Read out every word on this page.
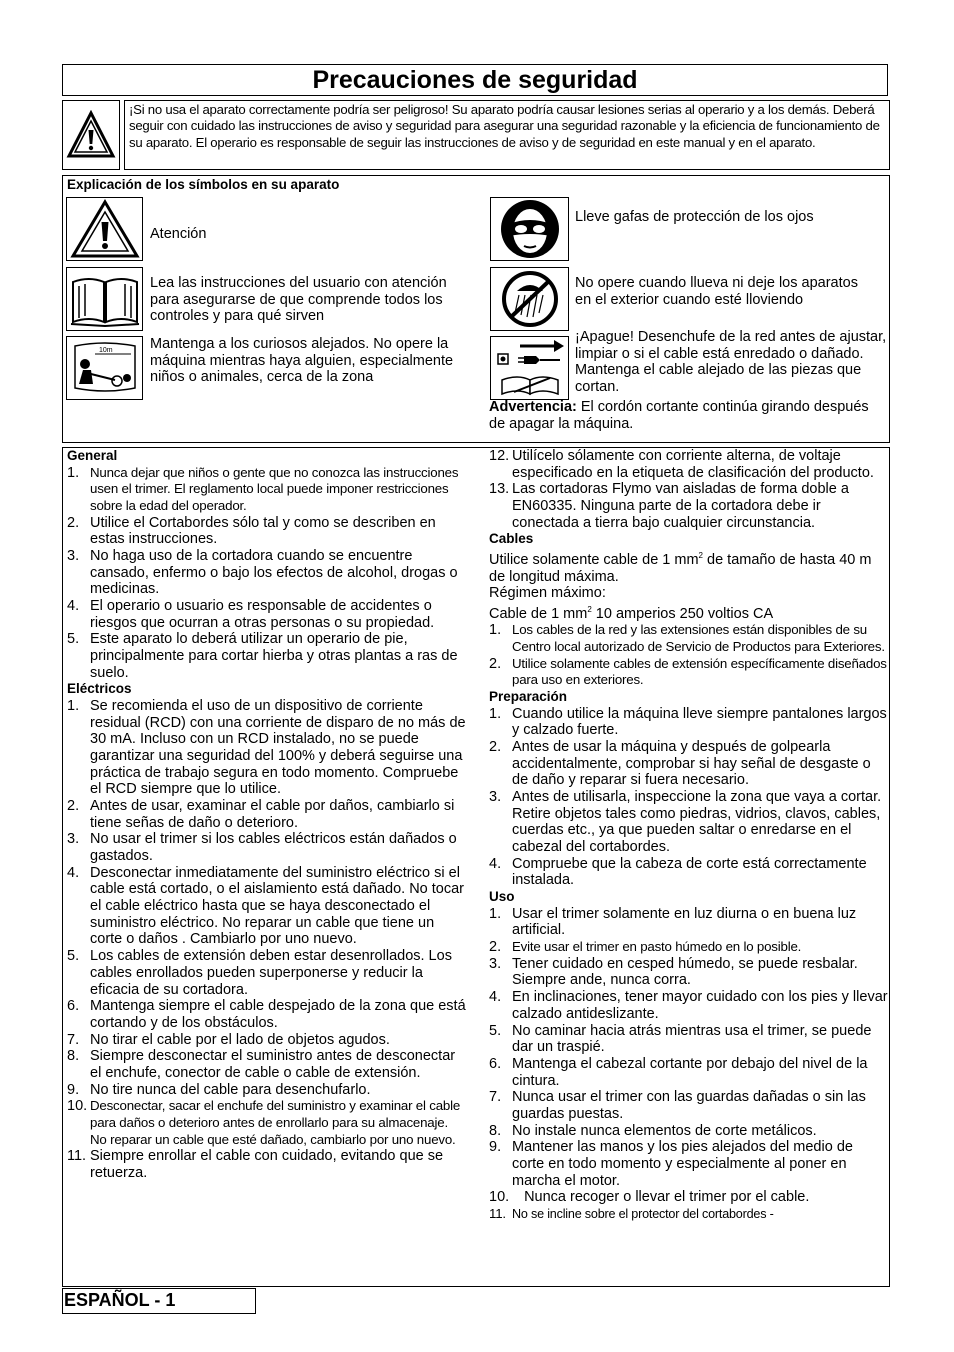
Precauciones de seguridad
¡Si no usa el aparato correctamente podría ser peligroso! Su aparato podría causar lesiones serias al operario y a los demás. Deberá seguir con cuidado las instrucciones de aviso y seguridad para asegurar una seguridad razonable y la eficiencia de funcionamiento de su aparato. El operario es responsable de seguir las instrucciones de aviso y de seguridad en este manual y en el aparato.
Explicación de los símbolos en su aparato
Atención
Lea las instrucciones del usuario con atención para asegurarse de que comprende todos los controles y para qué sirven
10m	Mantenga a los curiosos alejados. No opere la máquina mientras haya alguien, especialmente niños o animales, cerca de la zona
Lleve gafas de protección de los ojos
No opere cuando llueva ni deje los aparatos en el exterior cuando esté lloviendo
¡Apague! Desenchufe de la red antes de ajustar, limpiar o si el cable está enredado o dañado. Mantenga el cable alejado de las piezas que cortan.
Advertencia: El cordón cortante continúa girando después de apagar la máquina.
General
1. Nunca dejar que niños o gente que no conozca las instrucciones usen el trimer. El reglamento local puede imponer restricciones sobre la edad del operador.
2. Utilice el Cortabordes sólo tal y como se describen en estas instrucciones.
3. No haga uso de la cortadora cuando se encuentre cansado, enfermo o bajo los efectos de alcohol, drogas o medicinas.
4. El operario o usuario es responsable de accidentes o riesgos que ocurran a otras personas o su propiedad.
5. Este aparato lo deberá utilizar un operario de pie, principalmente para cortar hierba y otras plantas a ras de suelo.
Eléctricos
1. Se recomienda el uso de un dispositivo de corriente residual (RCD) con una corriente de disparo de no más de 30 mA. Incluso con un RCD instalado, no se puede garantizar una seguridad del 100% y deberá seguirse una práctica de trabajo segura en todo momento. Compruebe el RCD siempre que lo utilice.
2. Antes de usar, examinar el cable por daños, cambiarlo si tiene señas de daño o deterioro.
3. No usar el trimer si los cables eléctricos están dañados o gastados.
4. Desconectar inmediatamente del suministro eléctrico si el cable está cortado, o el aislamiento está dañado. No tocar el cable eléctrico hasta que se haya desconectado el suministro eléctrico. No reparar un cable que tiene un corte o daños . Cambiarlo por uno nuevo.
5. Los cables de extensión deben estar desenrollados. Los cables enrollados pueden superponerse y reducir la eficacia de su cortadora.
6. Mantenga siempre el cable despejado de la zona que está cortando y de los obstáculos.
7. No tirar el cable por el lado de objetos agudos.
8. Siempre desconectar el suministro antes de desconectar el enchufe, conector de cable o cable de extensión.
9. No tire nunca del cable para desenchufarlo.
10. Desconectar, sacar el enchufe del suministro y examinar el cable para daños o deterioro antes de enrollarlo para su almacenaje. No reparar un cable que esté dañado, cambiarlo por uno nuevo.
11. Siempre enrollar el cable con cuidado, evitando que se retuerza.
12. Utilícelo sólamente con corriente alterna, de voltaje especificado en la etiqueta de clasificación del producto.
13. Las cortadoras Flymo van aisladas de forma doble a EN60335. Ninguna parte de la cortadora debe ir conectada a tierra bajo cualquier circunstancia.
Cables

Utilice solamente cable de 1 $mm^2$ de tamaño de hasta 40 m de longitud máxima.

Régimen máximo:

Cable de 1 $mm^2$ 10 amperios 250 voltios CA

1. Los cables de la red y las extensiones están disponibles de su Centro local autorizado de Servicio de Productos para Exteriores.
2. Utilice solamente cables de extensión específicamente diseñados para uso en exteriores.
Preparación
1. Cuando utilice la máquina lleve siempre pantalones largos y calzado fuerte.
2. Antes de usar la máquina y después de golpearla accidentalmente, comprobar si hay señal de desgaste o de daño y reparar si fuera necesario.
3. Antes de utilisarla, inspeccione la zona que vaya a cortar. Retire objetos tales como piedras, vidrios, clavos, cables, cuerdas etc., ya que pueden saltar o enredarse en el cabezal del cortabordes.
4. Compruebe que la cabeza de corte está correctamente instalada.
Uso
1. Usar el trimer solamente en luz diurna o en buena luz artificial.
2. Evite usar el trimer en pasto húmedo en lo posible.
3. Tener cuidado en cesped húmedo, se puede resbalar. Siempre ande, nunca corra.
4. En inclinaciones, tener mayor cuidado con los pies y llevar calzado antideslizante.
5. No caminar hacia atrás mientras usa el trimer, se puede dar un traspié.
6. Mantenga el cabezal cortante por debajo del nivel de la cintura.
7. Nunca usar el trimer con las guardas dañadas o sin las guardas puestas.
8. No instale nunca elementos de corte metálicos.
9. Mantener las manos y los pies alejados del medio de corte en todo momento y especialmente al poner en marcha el motor.
10. Nunca recoger o llevar el trimer por el cable.
11. No se incline sobre el protector del cortabordes -
ESPAÑOL - 1
